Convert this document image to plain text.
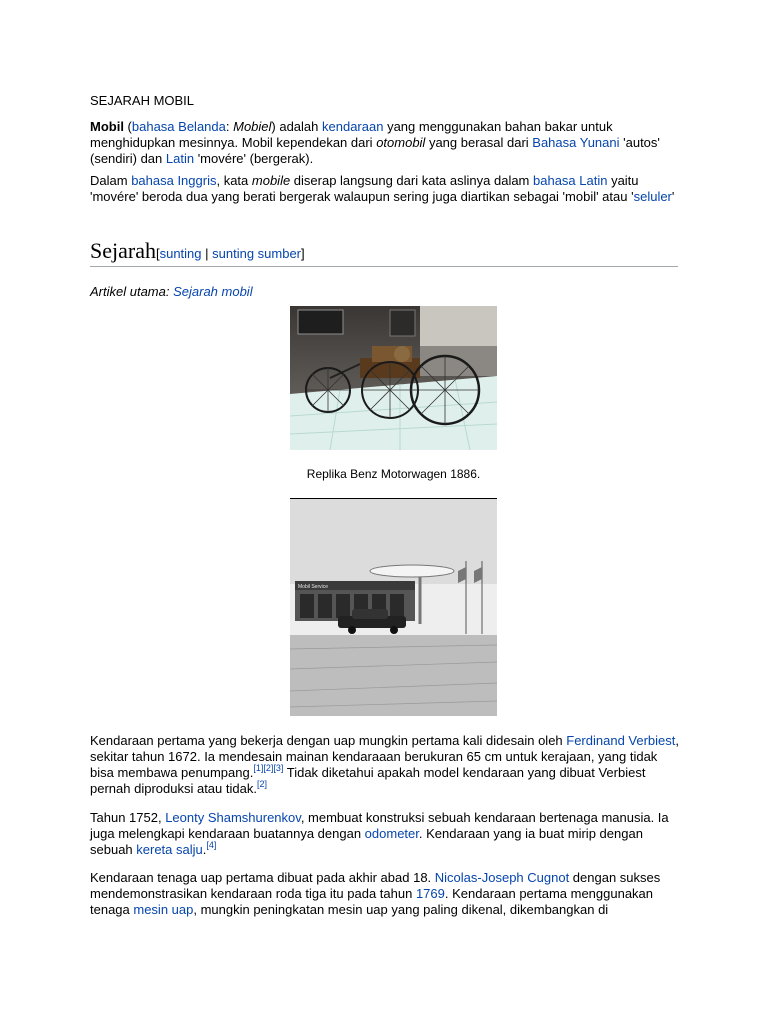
SEJARAH MOBIL

Mobil (bahasa Belanda: Mobiel) adalah kendaraan yang menggunakan bahan bakar untuk menghidupkan mesinnya. Mobil kependekan dari otomobil yang berasal dari Bahasa Yunani 'autos' (sendiri) dan Latin 'movére' (bergerak).

Dalam bahasa Inggris, kata mobile diserap langsung dari kata aslinya dalam bahasa Latin yaitu 'movére' beroda dua yang berati bergerak walaupun sering juga diartikan sebagai 'mobil' atau 'seluler'

Sejarah[sunting | sunting sumber]
Artikel utama: Sejarah mobil
Replika Benz Motorwagen 1886.
Mobil Service

Kendaraan pertama yang bekerja dengan uap mungkin pertama kali didesain oleh Ferdinand Verbiest, sekitar tahun 1672. Ia mendesain mainan kendaraaan berukuran 65 cm untuk kerajaan, yang tidak bisa membawa penumpang.[1][2][3] Tidak diketahui apakah model kendaraan yang dibuat Verbiest pernah diproduksi atau tidak.[2]

Tahun 1752, Leonty Shamshurenkov, membuat konstruksi sebuah kendaraan bertenaga manusia. Ia juga melengkapi kendaraan buatannya dengan odometer. Kendaraan yang ia buat mirip dengan sebuah kereta salju.[4]

Kendaraan tenaga uap pertama dibuat pada akhir abad 18. Nicolas-Joseph Cugnot dengan sukses mendemonstrasikan kendaraan roda tiga itu pada tahun 1769. Kendaraan pertama menggunakan tenaga mesin uap, mungkin peningkatan mesin uap yang paling dikenal, dikembangkan di
